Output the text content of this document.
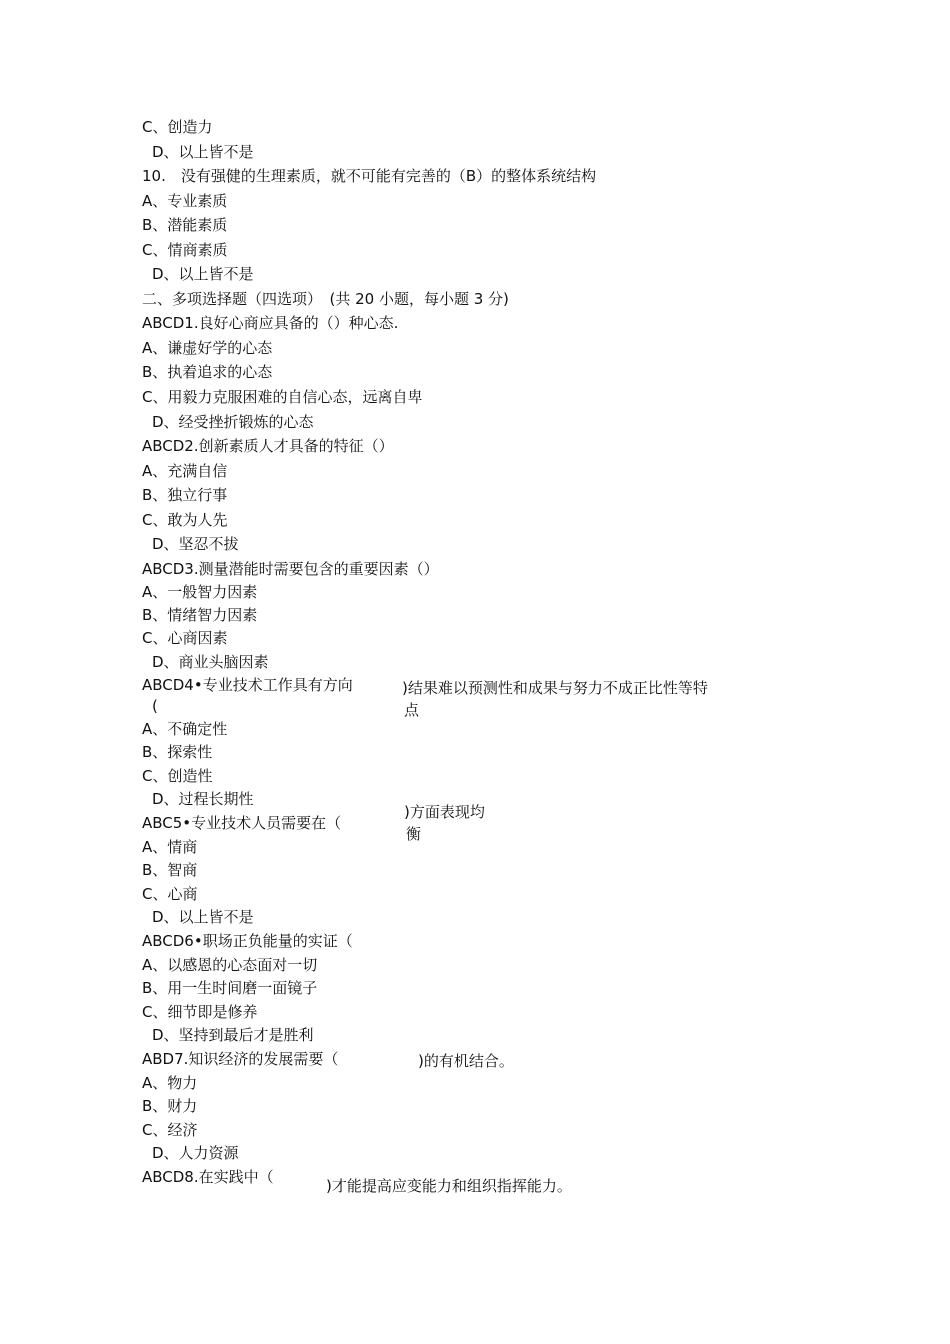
C、创造力
D、以上皆不是
10.　没有强健的生理素质，就不可能有完善的（B）的整体系统结构
A、专业素质
B、潜能素质
C、情商素质
D、以上皆不是
二、多项选择题（四选项）　(共 20 小题，每小题 3 分)
ABCD1.良好心商应具备的（）种心态.
A、谦虚好学的心态
B、执着追求的心态
C、用毅力克服困难的自信心态，远离自卑
D、经受挫折锻炼的心态
ABCD2.创新素质人才具备的特征（）
A、充满自信
B、独立行事
C、敢为人先
D、坚忍不拔
ABCD3.测量潜能时需要包含的重要因素（）
A、一般智力因素
B、情绪智力因素
C、心商因素
D、商业头脑因素
ABCD4•专业技术工作具有方向
(
)结果难以预测性和成果与努力不成正比性等特
点
A、不确定性
B、探索性
C、创造性
D、过程长期性
)方面表现均
衡
ABC5•专业技术人员需要在（
A、情商
B、智商
C、心商
D、以上皆不是
ABCD6•职场正负能量的实证（
A、以感恩的心态面对一切
B、用一生时间磨一面镜子
C、细节即是修养
D、坚持到最后才是胜利
ABD7.知识经济的发展需要（	)的有机结合。
A、物力
B、财力
C、经济
D、人力资源
ABCD8.在实践中（	)才能提高应变能力和组织指挥能力。
